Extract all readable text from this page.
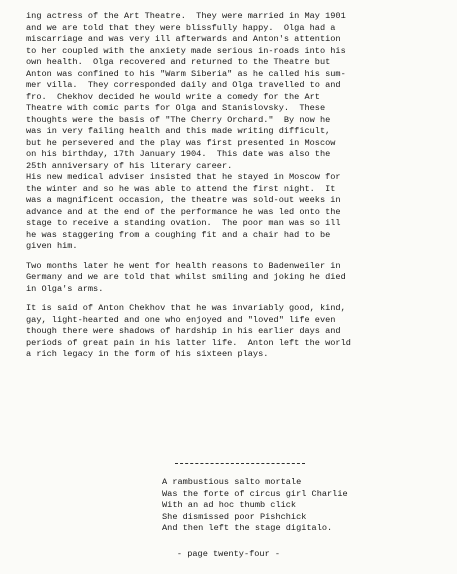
ing actress of the Art Theatre.  They were married in May 1901
and we are told that they were blissfully happy.  Olga had a
miscarriage and was very ill afterwards and Anton's attention
to her coupled with the anxiety made serious in-roads into his
own health.  Olga recovered and returned to the Theatre but
Anton was confined to his "Warm Siberia" as he called his sum-
mer villa.  They corresponded daily and Olga travelled to and
fro.  Chekhov decided he would write a comedy for the Art
Theatre with comic parts for Olga and Stanislovsky.  These
thoughts were the basis of "The Cherry Orchard."  By now he
was in very failing health and this made writing difficult,
but he persevered and the play was first presented in Moscow
on his birthday, 17th January 1904.  This date was also the
25th anniversary of his literary career.

His new medical adviser insisted that he stayed in Moscow for
the winter and so he was able to attend the first night.  It
was a magnificent occasion, the theatre was sold-out weeks in
advance and at the end of the performance he was led onto the
stage to receive a standing ovation.  The poor man was so ill
he was staggering from a coughing fit and a chair had to be
given him.

Two months later he went for health reasons to Badenweiler in
Germany and we are told that whilst smiling and joking he died
in Olga's arms.

It is said of Anton Chekhov that he was invariably good, kind,
gay, light-hearted and one who enjoyed and "loved" life even
though there were shadows of hardship in his earlier days and
periods of great pain in his latter life.  Anton left the world
a rich legacy in the form of his sixteen plays.

A rambustious salto mortale
Was the forte of circus girl Charlie
With an ad hoc thumb click
She dismissed poor Pishchick
And then left the stage digitalo.
- page twenty-four -
